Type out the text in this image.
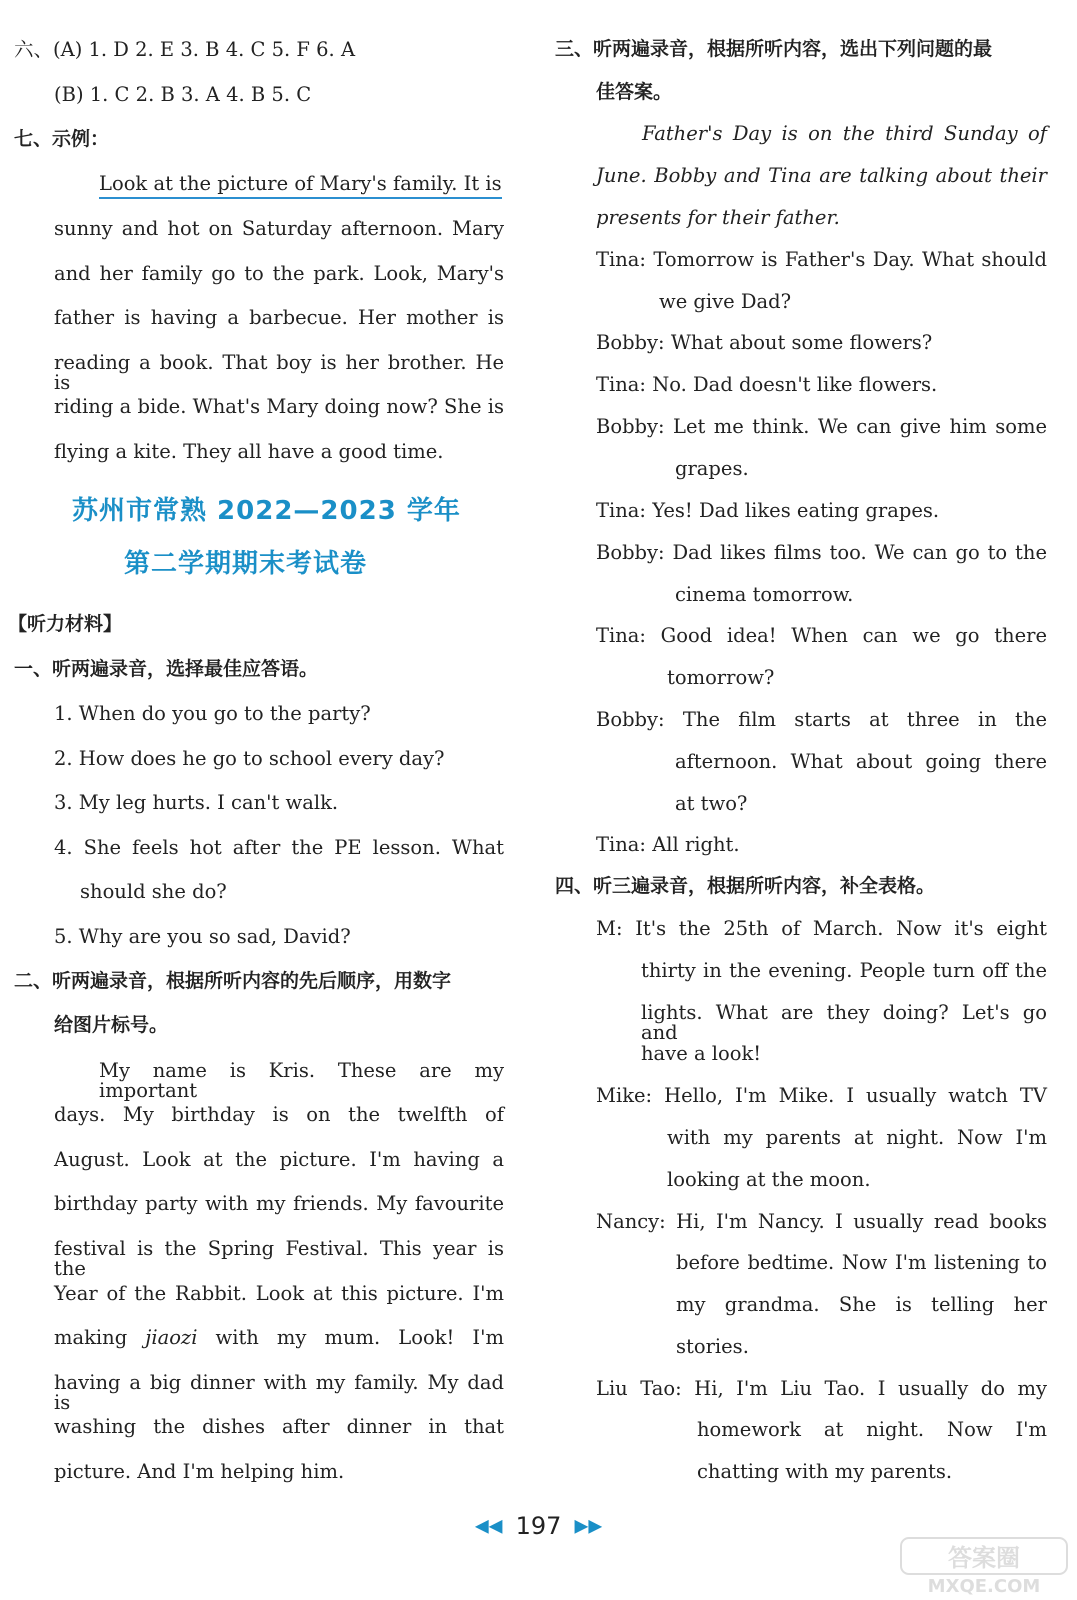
六、(A) 1. D 2. E 3. B 4. C 5. F 6. A
(B) 1. C 2. B 3. A 4. B 5. C
七、示例：
Look at the picture of Mary's family. It is
sunny and hot on Saturday afternoon. Mary
and her family go to the park. Look, Mary's
father is having a barbecue. Her mother is
reading a book. That boy is her brother. He is
riding a bide. What's Mary doing now? She is
flying a kite. They all have a good time.
苏州市常熟 2022—2023 学年
第二学期期末考试卷
【听力材料】
一、听两遍录音，选择最佳应答语。
1. When do you go to the party?
2. How does he go to school every day?
3. My leg hurts. I can't walk.
4. She feels hot after the PE lesson. What
should she do?
5. Why are you so sad, David?
二、听两遍录音，根据所听内容的先后顺序，用数字
给图片标号。
My name is Kris. These are my important
days. My birthday is on the twelfth of
August. Look at the picture. I'm having a
birthday party with my friends. My favourite
festival is the Spring Festival. This year is the
Year of the Rabbit. Look at this picture. I'm
making jiaozi with my mum. Look! I'm
having a big dinner with my family. My dad is
washing the dishes after dinner in that
picture. And I'm helping him.
三、听两遍录音，根据所听内容，选出下列问题的最
佳答案。
Father's Day is on the third Sunday of
June. Bobby and Tina are talking about their
presents for their father.
Tina: Tomorrow is Father's Day. What should
we give Dad?
Bobby: What about some flowers?
Tina: No. Dad doesn't like flowers.
Bobby: Let me think. We can give him some
grapes.
Tina: Yes! Dad likes eating grapes.
Bobby: Dad likes films too. We can go to the
cinema tomorrow.
Tina: Good idea! When can we go there
tomorrow?
Bobby: The film starts at three in the
afternoon. What about going there
at two?
Tina: All right.
四、听三遍录音，根据所听内容，补全表格。
M: It's the 25th of March. Now it's eight
thirty in the evening. People turn off the
lights. What are they doing? Let's go and
have a look!
Mike: Hello, I'm Mike. I usually watch TV
with my parents at night. Now I'm
looking at the moon.
Nancy: Hi, I'm Nancy. I usually read books
before bedtime. Now I'm listening to
my grandma. She is telling her
stories.
Liu Tao: Hi, I'm Liu Tao. I usually do my
homework at night. Now I'm
chatting with my parents.
◀◀ 197 ▶▶
答案圈
MXQE.COM
